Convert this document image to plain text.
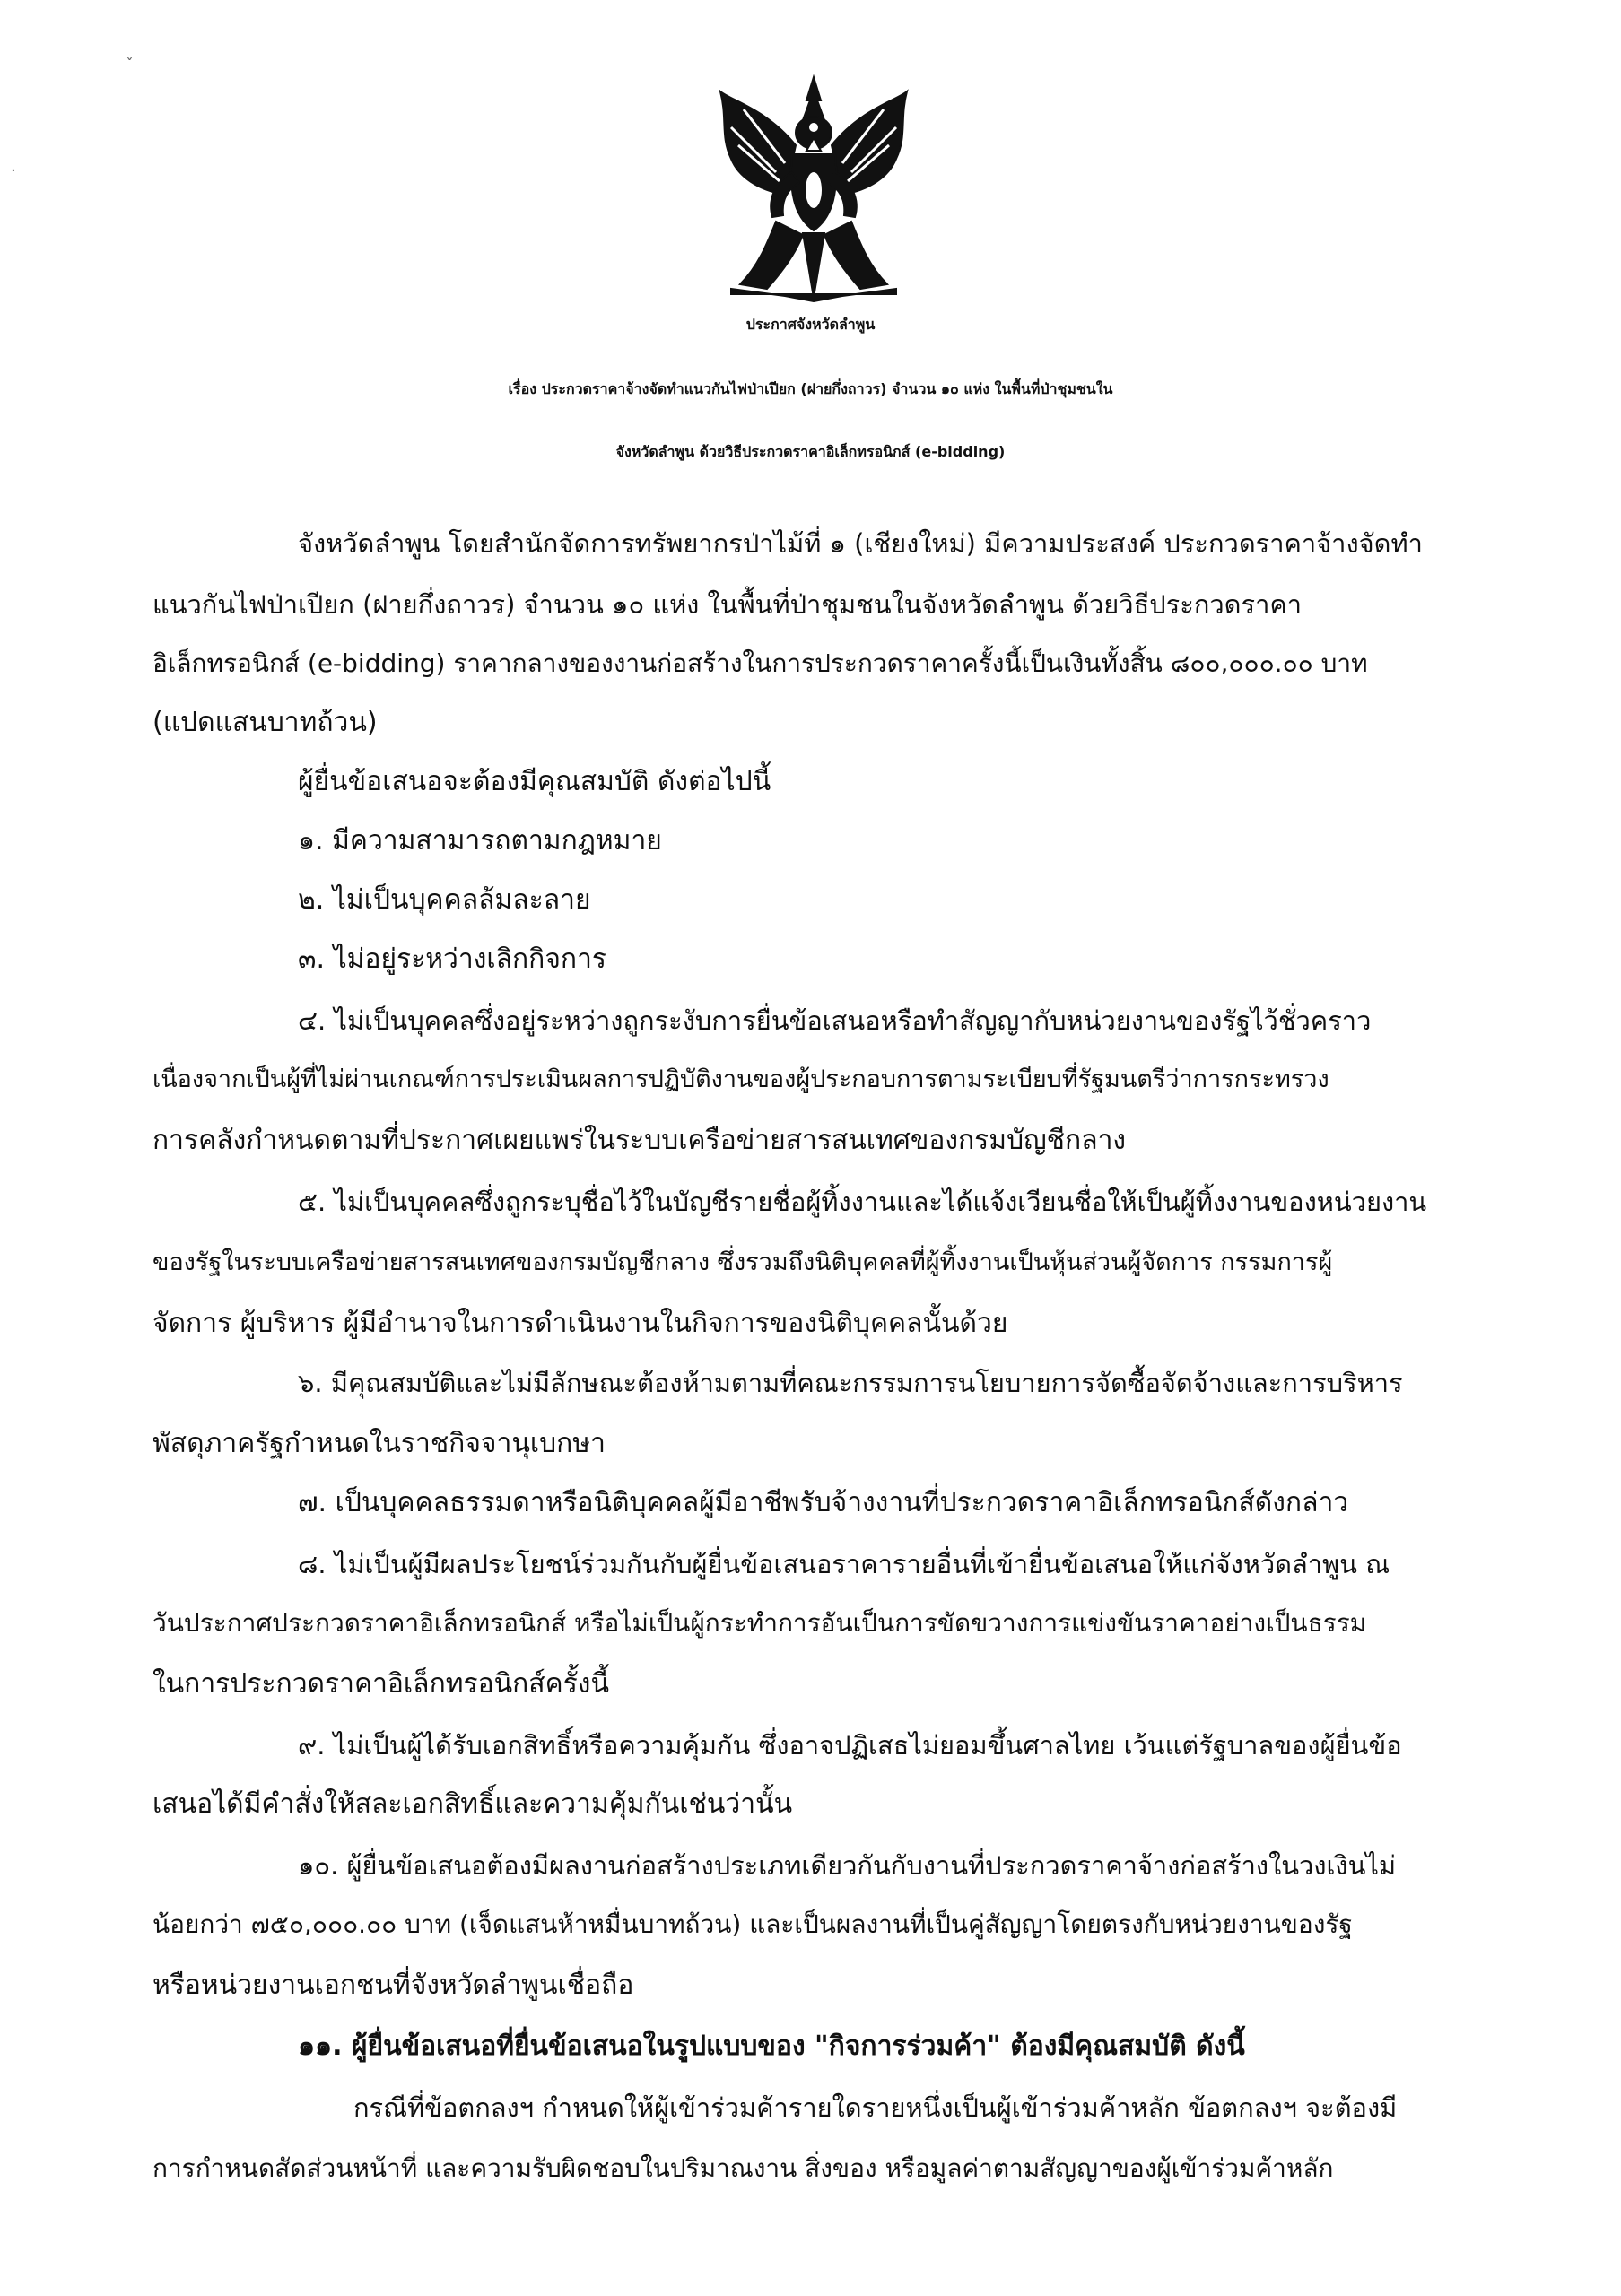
ˇ
·
ประกาศจังหวัดลำพูน
เรื่อง ประกวดราคาจ้างจัดทำแนวกันไฟป่าเปียก (ฝายกึ่งถาวร) จำนวน ๑๐ แห่ง ในพื้นที่ป่าชุมชนใน
จังหวัดลำพูน ด้วยวิธีประกวดราคาอิเล็กทรอนิกส์ (e-bidding)
จังหวัดลำพูน โดยสำนักจัดการทรัพยากรป่าไม้ที่ ๑ (เชียงใหม่) มีความประสงค์ ประกวดราคาจ้างจัดทำ
แนวกันไฟป่าเปียก (ฝายกึ่งถาวร) จำนวน ๑๐ แห่ง ในพื้นที่ป่าชุมชนในจังหวัดลำพูน ด้วยวิธีประกวดราคา
อิเล็กทรอนิกส์ (e-bidding) ราคากลางของงานก่อสร้างในการประกวดราคาครั้งนี้เป็นเงินทั้งสิ้น ๘๐๐,๐๐๐.๐๐ บาท
(แปดแสนบาทถ้วน)
ผู้ยื่นข้อเสนอจะต้องมีคุณสมบัติ ดังต่อไปนี้
๑. มีความสามารถตามกฎหมาย
๒. ไม่เป็นบุคคลล้มละลาย
๓. ไม่อยู่ระหว่างเลิกกิจการ
๔. ไม่เป็นบุคคลซึ่งอยู่ระหว่างถูกระงับการยื่นข้อเสนอหรือทำสัญญากับหน่วยงานของรัฐไว้ชั่วคราว
เนื่องจากเป็นผู้ที่ไม่ผ่านเกณฑ์การประเมินผลการปฏิบัติงานของผู้ประกอบการตามระเบียบที่รัฐมนตรีว่าการกระทรวง
การคลังกำหนดตามที่ประกาศเผยแพร่ในระบบเครือข่ายสารสนเทศของกรมบัญชีกลาง
๕. ไม่เป็นบุคคลซึ่งถูกระบุชื่อไว้ในบัญชีรายชื่อผู้ทิ้งงานและได้แจ้งเวียนชื่อให้เป็นผู้ทิ้งงานของหน่วยงาน
ของรัฐในระบบเครือข่ายสารสนเทศของกรมบัญชีกลาง ซึ่งรวมถึงนิติบุคคลที่ผู้ทิ้งงานเป็นหุ้นส่วนผู้จัดการ กรรมการผู้
จัดการ ผู้บริหาร ผู้มีอำนาจในการดำเนินงานในกิจการของนิติบุคคลนั้นด้วย
๖. มีคุณสมบัติและไม่มีลักษณะต้องห้ามตามที่คณะกรรมการนโยบายการจัดซื้อจัดจ้างและการบริหาร
พัสดุภาครัฐกำหนดในราชกิจจานุเบกษา
๗. เป็นบุคคลธรรมดาหรือนิติบุคคลผู้มีอาชีพรับจ้างงานที่ประกวดราคาอิเล็กทรอนิกส์ดังกล่าว
๘. ไม่เป็นผู้มีผลประโยชน์ร่วมกันกับผู้ยื่นข้อเสนอราคารายอื่นที่เข้ายื่นข้อเสนอให้แก่จังหวัดลำพูน ณ
วันประกาศประกวดราคาอิเล็กทรอนิกส์ หรือไม่เป็นผู้กระทำการอันเป็นการขัดขวางการแข่งขันราคาอย่างเป็นธรรม
ในการประกวดราคาอิเล็กทรอนิกส์ครั้งนี้
๙. ไม่เป็นผู้ได้รับเอกสิทธิ์หรือความคุ้มกัน ซึ่งอาจปฏิเสธไม่ยอมขึ้นศาลไทย เว้นแต่รัฐบาลของผู้ยื่นข้อ
เสนอได้มีคำสั่งให้สละเอกสิทธิ์และความคุ้มกันเช่นว่านั้น
๑๐. ผู้ยื่นข้อเสนอต้องมีผลงานก่อสร้างประเภทเดียวกันกับงานที่ประกวดราคาจ้างก่อสร้างในวงเงินไม่
น้อยกว่า ๗๕๐,๐๐๐.๐๐ บาท (เจ็ดแสนห้าหมื่นบาทถ้วน) และเป็นผลงานที่เป็นคู่สัญญาโดยตรงกับหน่วยงานของรัฐ
หรือหน่วยงานเอกชนที่จังหวัดลำพูนเชื่อถือ
๑๑. ผู้ยื่นข้อเสนอที่ยื่นข้อเสนอในรูปแบบของ "กิจการร่วมค้า" ต้องมีคุณสมบัติ ดังนี้
กรณีที่ข้อตกลงฯ กำหนดให้ผู้เข้าร่วมค้ารายใดรายหนึ่งเป็นผู้เข้าร่วมค้าหลัก ข้อตกลงฯ จะต้องมี
การกำหนดสัดส่วนหน้าที่ และความรับผิดชอบในปริมาณงาน สิ่งของ หรือมูลค่าตามสัญญาของผู้เข้าร่วมค้าหลัก
